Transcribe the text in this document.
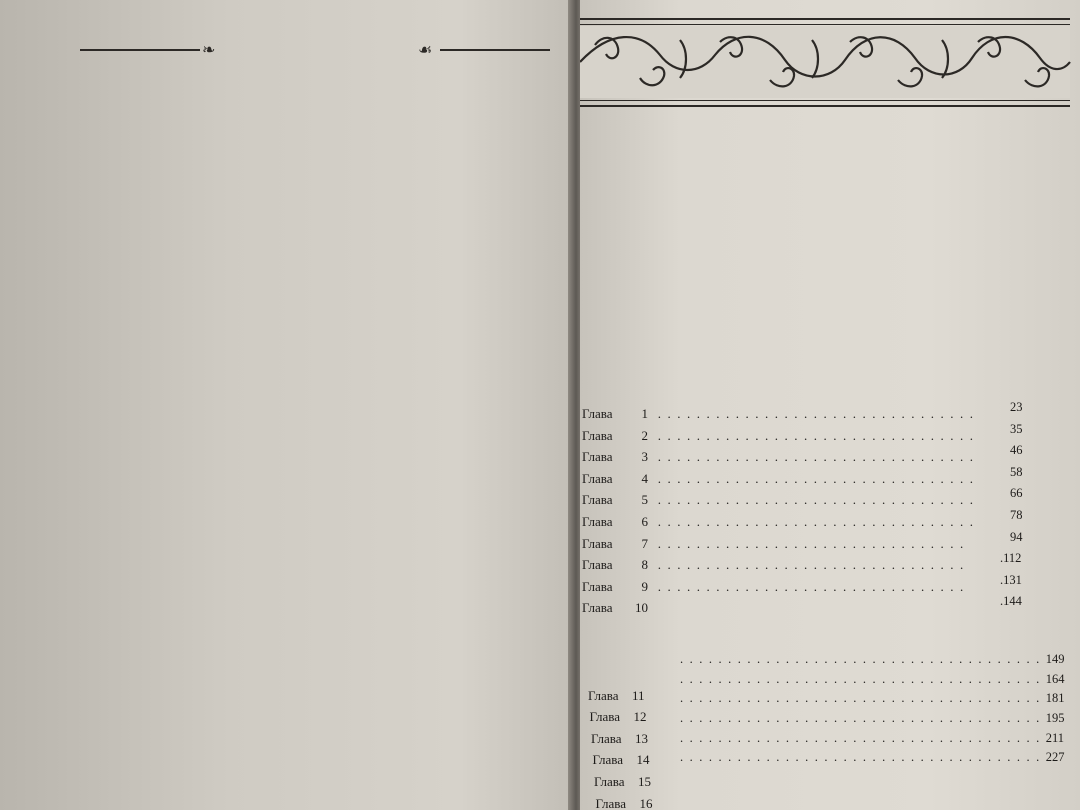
❧	☙
Глава 1 .................................
Глава 2 .................................
Глава 3 .................................
Глава 4 .................................
Глава 5 .................................
Глава 6 .................................
Глава 7 ................................
Глава 8 ................................
Глава 9 ................................
Глава 10
23
35
46
58
66
78
94
.112
.131
.144
Глава 11
Глава 12
Глава 13
Глава 14
Глава 15
Глава 16
......................................149
......................................164
......................................181
......................................195
......................................211
......................................227
